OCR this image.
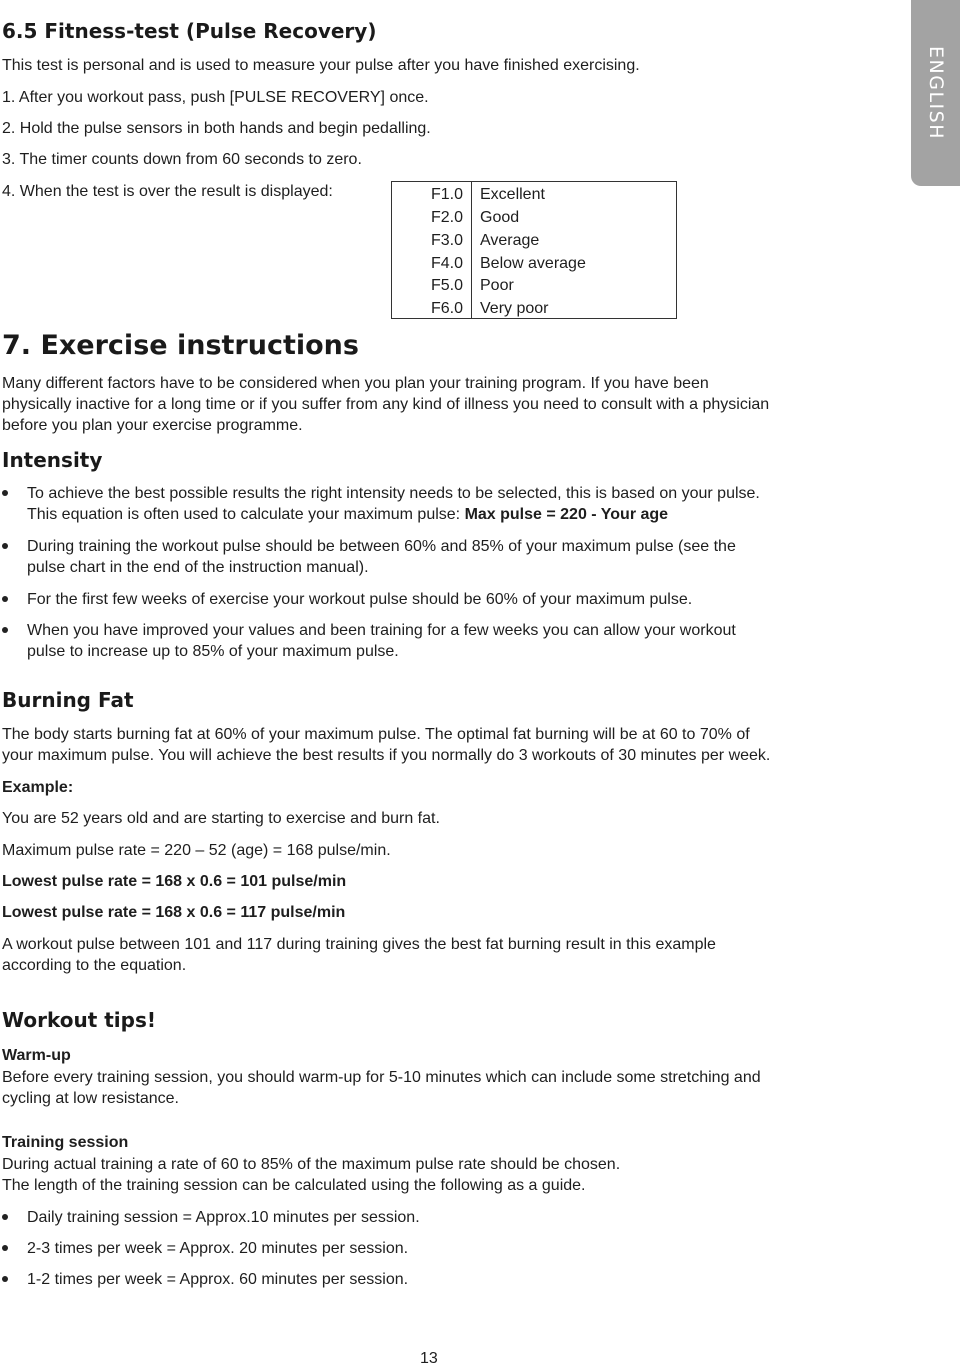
ENGLISH
6.5 Fitness-test (Pulse Recovery)
This test is personal and is used to measure your pulse after you have finished exercising.
1. After you workout pass, push [PULSE RECOVERY] once.
2. Hold the pulse sensors in both hands and begin pedalling.
3. The timer counts down from 60 seconds to zero.
4. When the test is over the result is displayed:	F1.0 Excellent
F2.0 Good
F3.0 Average
F4.0 Below average
F5.0 Poor
F6.0 Very poor
7. Exercise instructions
Many different factors have to be considered when you plan your training program. If you have been
physically inactive for a long time or if you suffer from any kind of illness you need to consult with a physician
before you plan your exercise programme.
Intensity
To achieve the best possible results the right intensity needs to be selected, this is based on your pulse.
This equation is often used to calculate your maximum pulse: Max pulse = 220 - Your age
During training the workout pulse should be between 60% and 85% of your maximum pulse (see the
pulse chart in the end of the instruction manual).
For the first few weeks of exercise your workout pulse should be 60% of your maximum pulse.
When you have improved your values and been training for a few weeks you can allow your workout
pulse to increase up to 85% of your maximum pulse.
Burning Fat
The body starts burning fat at 60% of your maximum pulse. The optimal fat burning will be at 60 to 70% of
your maximum pulse. You will achieve the best results if you normally do 3 workouts of 30 minutes per week.
Example:
You are 52 years old and are starting to exercise and burn fat.
Maximum pulse rate = 220 – 52 (age) = 168 pulse/min.
Lowest pulse rate = 168 x 0.6 = 101 pulse/min
Lowest pulse rate = 168 x 0.6 = 117 pulse/min
A workout pulse between 101 and 117 during training gives the best fat burning result in this example
according to the equation.
Workout tips!
Warm-up
Before every training session, you should warm-up for 5-10 minutes which can include some stretching and
cycling at low resistance.
Training session
During actual training a rate of 60 to 85% of the maximum pulse rate should be chosen.
The length of the training session can be calculated using the following as a guide.
Daily training session = Approx.10 minutes per session.
2-3 times per week = Approx. 20 minutes per session.
1-2 times per week = Approx. 60 minutes per session.
13
